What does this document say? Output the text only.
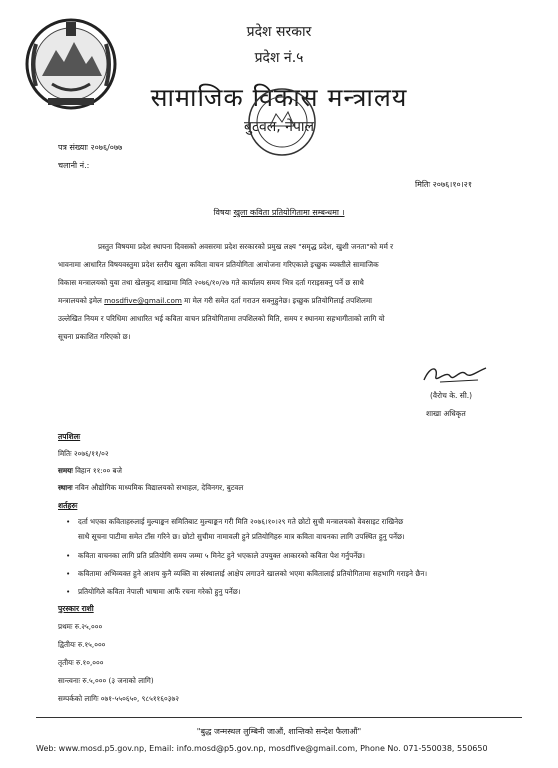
प्रदेश सरकार
प्रदेश नं.५
सामाजिक विकास मन्त्रालय
बुटवल, नेपाल
पत्र संख्याः २०७६/०७७
चलानी नं.:
मितिः २०७६।१०।२१
विषयः खुला कविता प्रतियोगितामा सम्बन्धमा ।
प्रस्तुत विषयमा प्रदेश स्थापना दिवसको अवसरमा प्रदेश सरकारको प्रमुख लक्ष्य "समृद्ध प्रदेश, खुशी जनता"को मर्म र
भावनामा आधारित विषयवस्तुमा प्रदेश स्तरीय खुला कविता वाचन प्रतियोगिता आयोजना गरिएकाले इच्छुक व्यक्तीले सामाजिक
विकास मन्त्रालयको युवा तथा खेलकुद शाखामा मिति २०७६/१०/२७ गते कार्यालय समय भित्र दर्ता गराइसक्नु पर्ने छ साथै
मन्त्रालयको इमेल mosdfive@gmail.com मा मेल गरी समेत दर्ता गराउन सक्नुहुनेछ। इच्छुक प्रतियोगिलाई तपशिलमा
उल्लेखित नियम र परिधिमा आधारित भई कविता वाचन प्रतियोगितामा तपशिलको मिति, समय र स्थानमा सहभागीताको लागि यो
सूचना प्रकाशित गरिएको छ।
(वैरोच के. सी.)
शाखा अधिकृत
तपशिलः
मितिः २०७६/११/०२
समयः विहान ११:०० बजे
स्थानः नविन औद्योगिक माध्यमिक विद्यालयको सभाहल, देविनगर, बुटवल
शर्तहरुः
•	दर्ता भएका कविताहरुलाई मुल्याङ्कन समितिबाट मुल्याङ्कन गरी मिति २०७६।१०।२९ गते छोटो सुची मन्त्रालयको वेवसाइट राखिनेछ
साथै सूचना पाटीमा समेत टाँस गरिने छ। छोटो सुचीमा नामावली हुने प्रतियोगिहरु मात्र कविता वाचनका लागि उपस्थित हुनु पर्नेछ।
•	कविता वाचनका लागि प्रति प्रतियोगि समय जम्मा ५ मिनेट हुने भएकाले उपयुक्त आकारको कविता पेश गर्नुपर्नेछ।
•	कवितामा अभिव्यक्त हुने आशय कुनै व्यक्ति वा संस्थालाई आक्षेप लगाउने खालको भएमा कवितालाई प्रतियोगितामा सहभागि गराइने छैन।
•	प्रतियोगिले कविता नेपाली भाषामा आफैं रचना गरेको हुनु पर्नेछ।
पुरस्कार राशी
प्रथमः रु.२५,०००
द्वितीयः रु.१५,०००
तृतीयः रु.१०,०००
सान्त्वनाः रु.५,००० (३ जनाको लागि)
सम्पर्कको लागिः ०७१-५५०६५०, ९८५११६०३७२
"बुद्ध जन्मस्थल लुम्बिनी जाऔं, शान्तिको सन्देश फैलाऔं"
Web: www.mosd.p5.gov.np, Email: info.mosd@p5.gov.np, mosdfive@gmail.com, Phone No. 071-550038, 550650
